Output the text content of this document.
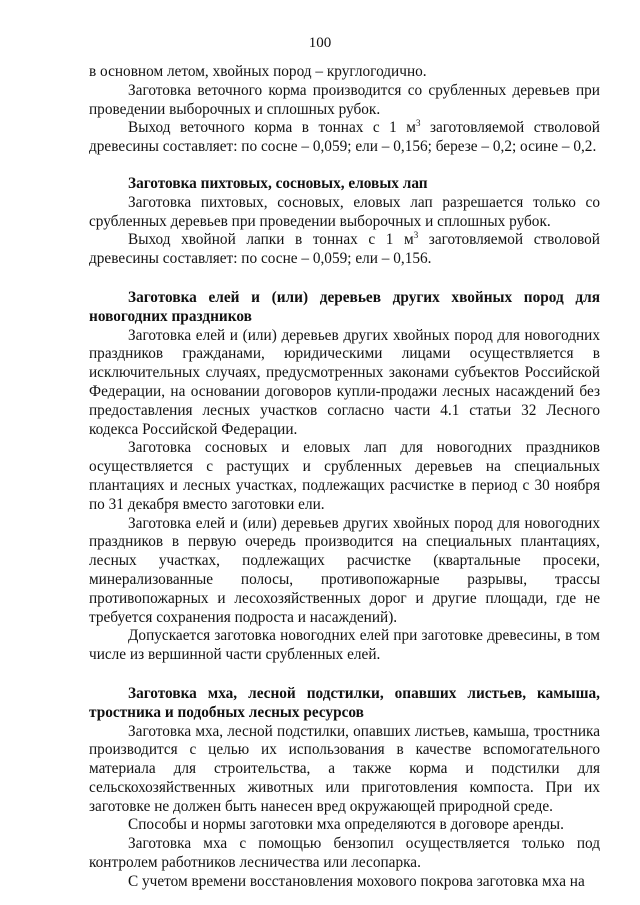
100

в основном летом, хвойных пород – круглогодично.

Заготовка веточного корма производится со срубленных деревьев при проведении выборочных и сплошных рубок.

Выход веточного корма в тоннах с 1 $м^3$ заготовляемой стволовой древесины составляет: по сосне – 0,059; ели – 0,156; березе – 0,2; осине – 0,2.

Заготовка пихтовых, сосновых, еловых лап

Заготовка пихтовых, сосновых, еловых лап разрешается только со срубленных деревьев при проведении выборочных и сплошных рубок.

Выход хвойной лапки в тоннах с 1 $м^3$ заготовляемой стволовой древесины составляет: по сосне – 0,059; ели – 0,156.

Заготовка елей и (или) деревьев других хвойных пород для новогодних праздников

Заготовка елей и (или) деревьев других хвойных пород для новогодних праздников гражданами, юридическими лицами осуществляется в исключительных случаях, предусмотренных законами субъектов Российской Федерации, на основании договоров купли-продажи лесных насаждений без предоставления лесных участков согласно части 4.1 статьи 32 Лесного кодекса Российской Федерации.

Заготовка сосновых и еловых лап для новогодних праздников осуществляется с растущих и срубленных деревьев на специальных плантациях и лесных участках, подлежащих расчистке в период с 30 ноября по 31 декабря вместо заготовки ели.

Заготовка елей и (или) деревьев других хвойных пород для новогодних праздников в первую очередь производится на специальных плантациях, лесных участках, подлежащих расчистке (квартальные просеки, минерализованные полосы, противопожарные разрывы, трассы противопожарных и лесохозяйственных дорог и другие площади, где не требуется сохранения подроста и насаждений).

Допускается заготовка новогодних елей при заготовке древесины, в том числе из вершинной части срубленных елей.

Заготовка мха, лесной подстилки, опавших листьев, камыша, тростника и подобных лесных ресурсов

Заготовка мха, лесной подстилки, опавших листьев, камыша, тростника производится с целью их использования в качестве вспомогательного материала для строительства, а также корма и подстилки для сельскохозяйственных животных или приготовления компоста. При их заготовке не должен быть нанесен вред окружающей природной среде.

Способы и нормы заготовки мха определяются в договоре аренды.

Заготовка мха с помощью бензопил осуществляется только под контролем работников лесничества или лесопарка.

С учетом времени восстановления мохового покрова заготовка мха на
